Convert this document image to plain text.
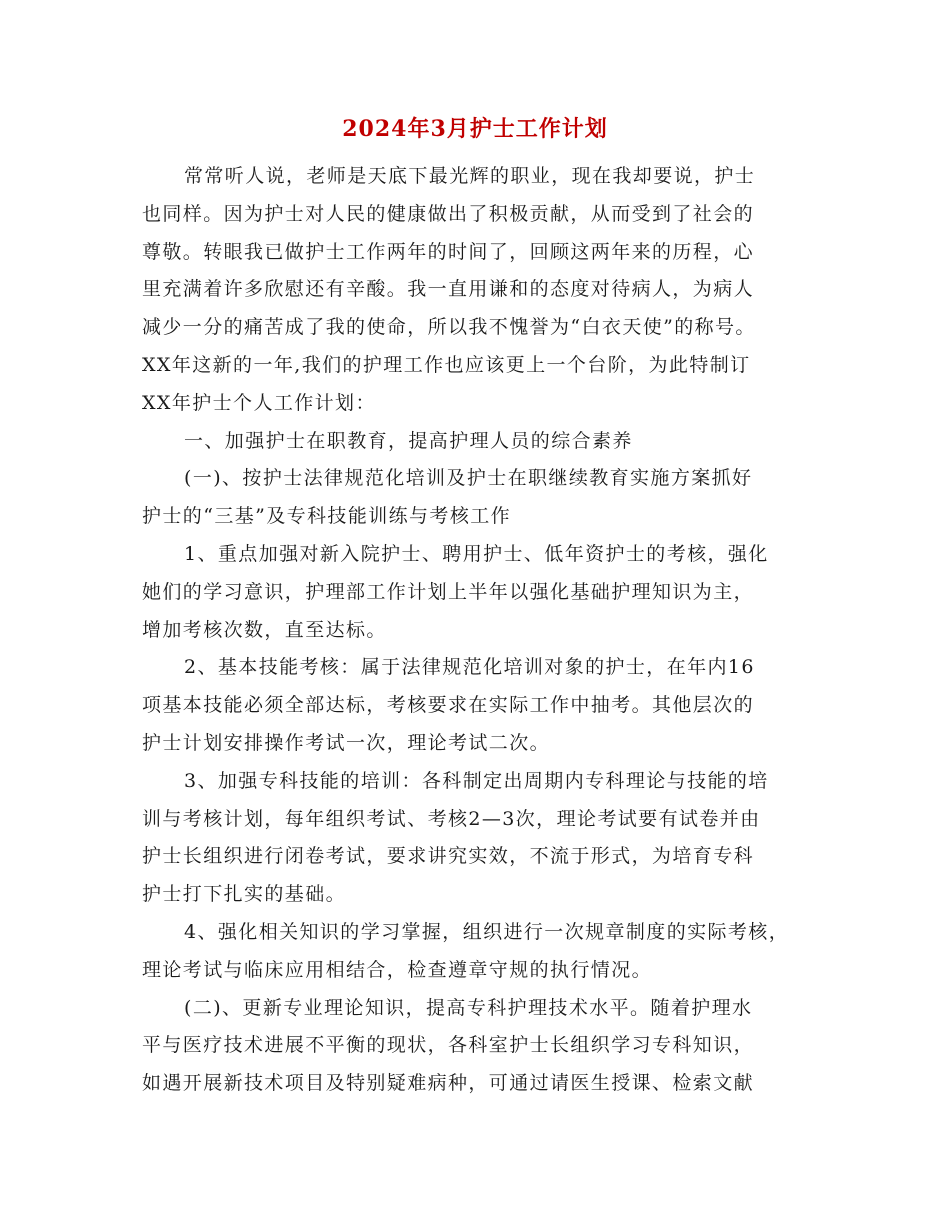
2024年3月护士工作计划
常常听人说，老师是天底下最光辉的职业，现在我却要说，护士
也同样。因为护士对人民的健康做出了积极贡献，从而受到了社会的
尊敬。转眼我已做护士工作两年的时间了，回顾这两年来的历程，心
里充满着许多欣慰还有辛酸。我一直用谦和的态度对待病人，为病人
减少一分的痛苦成了我的使命，所以我不愧誉为“白衣天使”的称号。
XX年这新的一年,我们的护理工作也应该更上一个台阶，为此特制订
XX年护士个人工作计划：
一、加强护士在职教育，提高护理人员的综合素养
(一)、按护士法律规范化培训及护士在职继续教育实施方案抓好
护士的“三基”及专科技能训练与考核工作
1、重点加强对新入院护士、聘用护士、低年资护士的考核，强化
她们的学习意识，护理部工作计划上半年以强化基础护理知识为主，
增加考核次数，直至达标。
2、基本技能考核：属于法律规范化培训对象的护士，在年内16
项基本技能必须全部达标，考核要求在实际工作中抽考。其他层次的
护士计划安排操作考试一次，理论考试二次。
3、加强专科技能的培训：各科制定出周期内专科理论与技能的培
训与考核计划，每年组织考试、考核2—3次，理论考试要有试卷并由
护士长组织进行闭卷考试，要求讲究实效，不流于形式，为培育专科
护士打下扎实的基础。
4、强化相关知识的学习掌握，组织进行一次规章制度的实际考核，
理论考试与临床应用相结合，检查遵章守规的执行情况。
(二)、更新专业理论知识，提高专科护理技术水平。随着护理水
平与医疗技术进展不平衡的现状，各科室护士长组织学习专科知识，
如遇开展新技术项目及特别疑难病种，可通过请医生授课、检索文献
